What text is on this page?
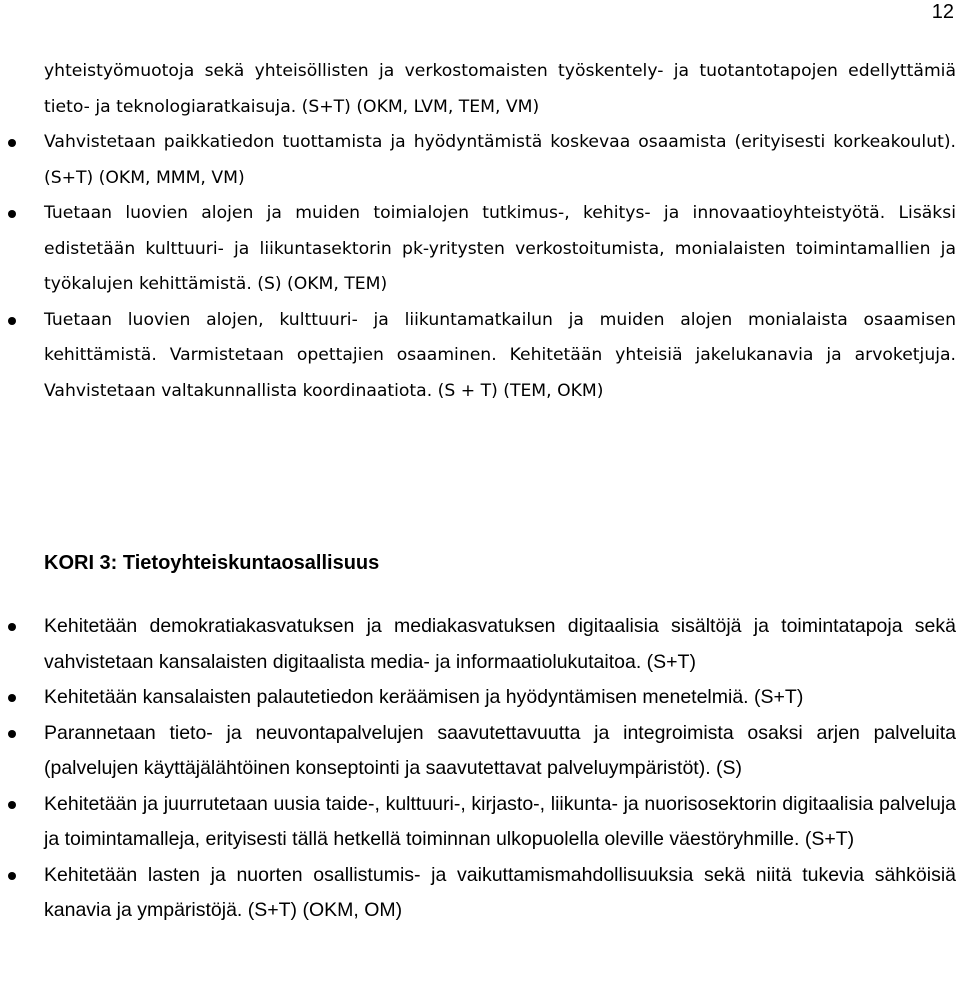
12

yhteistyömuotoja sekä yhteisöllisten ja verkostomaisten työskentely- ja tuotantotapojen edellyttämiä tieto- ja teknologiaratkaisuja. (S+T) (OKM, LVM, TEM, VM)

Vahvistetaan paikkatiedon tuottamista ja hyödyntämistä koskevaa osaamista (erityisesti korkeakoulut). (S+T) (OKM, MMM, VM)
Tuetaan luovien alojen ja muiden toimialojen tutkimus-, kehitys- ja innovaatioyhteistyötä. Lisäksi edistetään kulttuuri- ja liikuntasektorin pk-yritysten verkostoitumista, monialaisten toimintamallien ja työkalujen kehittämistä. (S) (OKM, TEM)
Tuetaan luovien alojen, kulttuuri- ja liikuntamatkailun ja muiden alojen monialaista osaamisen kehittämistä. Varmistetaan opettajien osaaminen. Kehitetään yhteisiä jakelukanavia ja arvoketjuja. Vahvistetaan valtakunnallista koordinaatiota. (S + T) (TEM, OKM)
KORI 3: Tietoyhteiskuntaosallisuus
Kehitetään demokratiakasvatuksen ja mediakasvatuksen digitaalisia sisältöjä ja toimintatapoja sekä vahvistetaan kansalaisten digitaalista media- ja informaatiolukutaitoa. (S+T)
Kehitetään kansalaisten palautetiedon keräämisen ja hyödyntämisen menetelmiä. (S+T)
Parannetaan tieto- ja neuvontapalvelujen saavutettavuutta ja integroimista osaksi arjen palveluita (palvelujen käyttäjälähtöinen konseptointi ja saavutettavat palveluympäristöt). (S)
Kehitetään ja juurrutetaan uusia taide-, kulttuuri-, kirjasto-, liikunta- ja nuorisosektorin digitaalisia palveluja ja toimintamalleja, erityisesti tällä hetkellä toiminnan ulkopuolella oleville väestöryhmille. (S+T)
Kehitetään lasten ja nuorten osallistumis- ja vaikuttamismahdollisuuksia sekä niitä tukevia sähköisiä kanavia ja ympäristöjä. (S+T) (OKM, OM)
